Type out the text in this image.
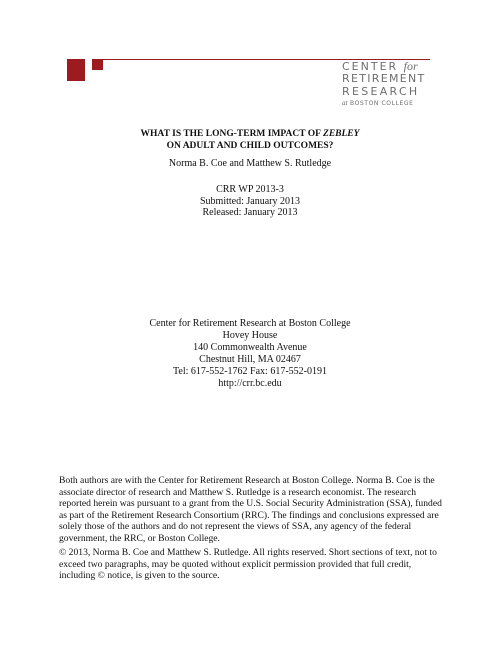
CENTER for
RETIREMENT
RESEARCH
at BOSTON COLLEGE
WHAT IS THE LONG-TERM IMPACT OF ZEBLEY
ON ADULT AND CHILD OUTCOMES?
Norma B. Coe and Matthew S. Rutledge
CRR WP 2013-3
Submitted: January 2013
Released: January 2013
Center for Retirement Research at Boston College
Hovey House
140 Commonwealth Avenue
Chestnut Hill, MA 02467
Tel: 617-552-1762 Fax: 617-552-0191
http://crr.bc.edu
Both authors are with the Center for Retirement Research at Boston College. Norma B. Coe is the associate director of research and Matthew S. Rutledge is a research economist. The research reported herein was pursuant to a grant from the U.S. Social Security Administration (SSA), funded as part of the Retirement Research Consortium (RRC). The findings and conclusions expressed are solely those of the authors and do not represent the views of SSA, any agency of the federal government, the RRC, or Boston College.
© 2013, Norma B. Coe and Matthew S. Rutledge. All rights reserved. Short sections of text, not to exceed two paragraphs, may be quoted without explicit permission provided that full credit, including © notice, is given to the source.
